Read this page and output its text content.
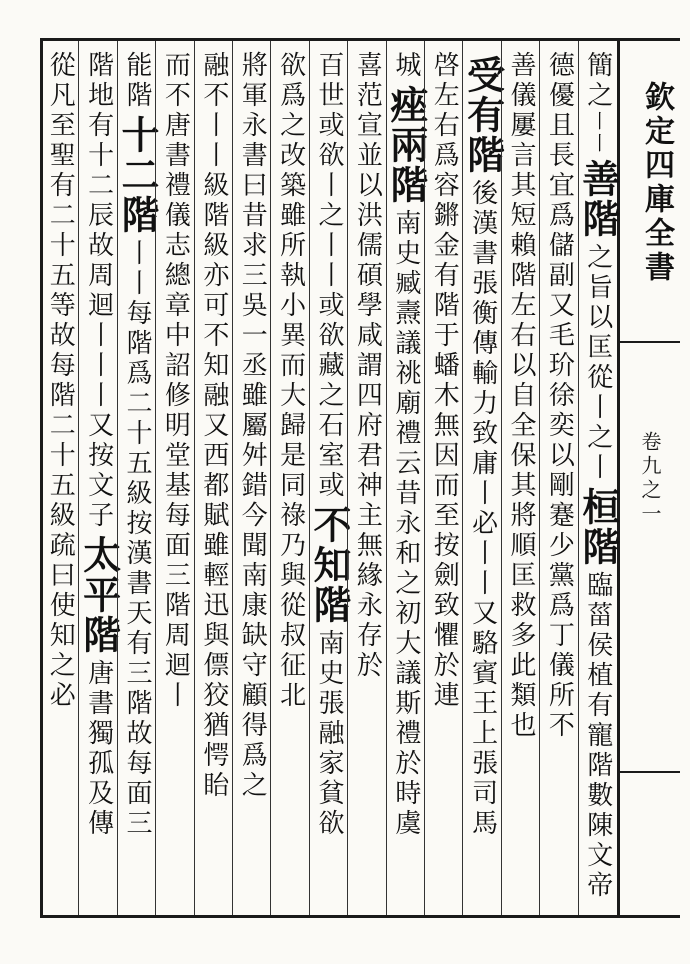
欽定四庫全書
卷九之一
簡之
丨丨
善階
之旨以匡從丨之丨
桓階
臨菑侯植有寵階數陳文帝
德優且長宜爲儲副又毛玠徐奕以剛蹇少黨爲丁儀所不
善儀屢言其短賴階左右以自全保其將順匡救多此類也
受有階
後漢書張衡傳輸力致庸丨必丨丨又駱賓王上張司馬
啓左右爲容鏘金有階于蟠木無因而至按劍致懼於連
城
痤兩階
南史臧燾議祧廟禮云昔永和之初大議斯禮於時虞
喜范宣並以洪儒碩學咸謂四府君神主無緣永存於
百世或欲丨之丨丨或欲藏之石室或
不知階
南史張融家貧欲
欲爲之改築雖所執小異而大歸是同
祿乃與從叔征北
將軍永書曰昔求三吳一丞雖屬舛錯今聞南康缺守顧得爲之
融不丨丨級階級亦可不知融又西都賦雖輕迅與僄狡猶愕眙
而不
唐書禮儀志總章中詔修明堂基每面三階周迴丨
能階
十二階
丨丨每階爲二十五級按漢書天有三階故每面三
階地有十二辰故周迴丨丨丨又按文子
太平階
唐書獨孤及傳
從凡至聖有二十五等故每階二十五級
疏曰使知之必
